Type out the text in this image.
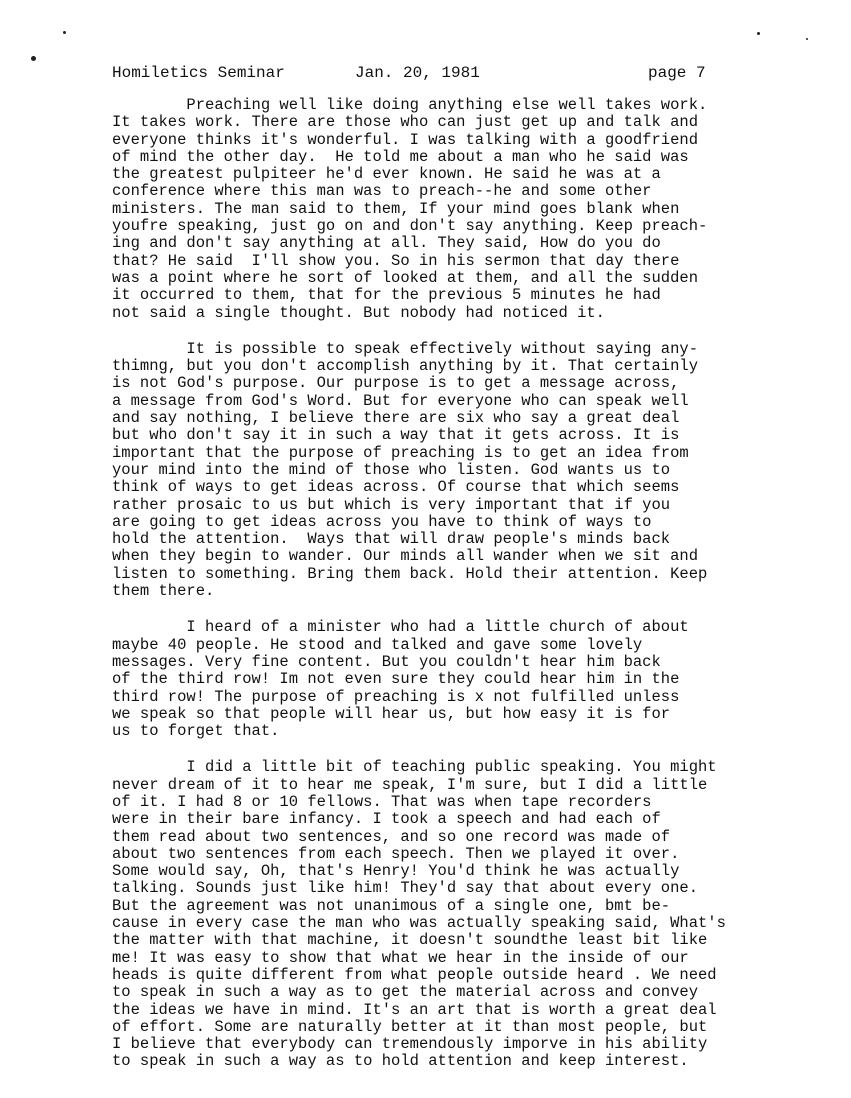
Homiletics Seminar

	Jan. 20, 1981

	page 7

Preaching well like doing anything else well takes work.
It takes work. There are those who can just get up and talk and
everyone thinks it's wonderful. I was talking with a goodfriend
of mind the other day.  He told me about a man who he said was
the greatest pulpiteer he'd ever known. He said he was at a
conference where this man was to preach--he and some other
ministers. The man said to them, If your mind goes blank when
youfre speaking, just go on and don't say anything. Keep preach-
ing and don't say anything at all. They said, How do you do
that? He said  I'll show you. So in his sermon that day there
was a point where he sort of looked at them, and all the sudden
it occurred to them, that for the previous 5 minutes he had
not said a single thought. But nobody had noticed it.
It is possible to speak effectively without saying any-
thimng, but you don't accomplish anything by it. That certainly
is not God's purpose. Our purpose is to get a message across,
a message from God's Word. But for everyone who can speak well
and say nothing, I believe there are six who say a great deal
but who don't say it in such a way that it gets across. It is
important that the purpose of preaching is to get an idea from
your mind into the mind of those who listen. God wants us to
think of ways to get ideas across. Of course that which seems
rather prosaic to us but which is very important that if you
are going to get ideas across you have to think of ways to
hold the attention.  Ways that will draw people's minds back
when they begin to wander. Our minds all wander when we sit and
listen to something. Bring them back. Hold their attention. Keep
them there.
I heard of a minister who had a little church of about
maybe 40 people. He stood and talked and gave some lovely
messages. Very fine content. But you couldn't hear him back
of the third row! Im not even sure they could hear him in the
third row! The purpose of preaching is x not fulfilled unless
we speak so that people will hear us, but how easy it is for
us to forget that.
I did a little bit of teaching public speaking. You might
never dream of it to hear me speak, I'm sure, but I did a little
of it. I had 8 or 10 fellows. That was when tape recorders
were in their bare infancy. I took a speech and had each of
them read about two sentences, and so one record was made of
about two sentences from each speech. Then we played it over.
Some would say, Oh, that's Henry! You'd think he was actually
talking. Sounds just like him! They'd say that about every one.
But the agreement was not unanimous of a single one, bmt be-
cause in every case the man who was actually speaking said, What's
the matter with that machine, it doesn't soundthe least bit like
me! It was easy to show that what we hear in the inside of our
heads is quite different from what people outside heard . We need
to speak in such a way as to get the material across and convey
the ideas we have in mind. It's an art that is worth a great deal
of effort. Some are naturally better at it than most people, but
I believe that everybody can tremendously imporve in his ability
to speak in such a way as to hold attention and keep interest.
